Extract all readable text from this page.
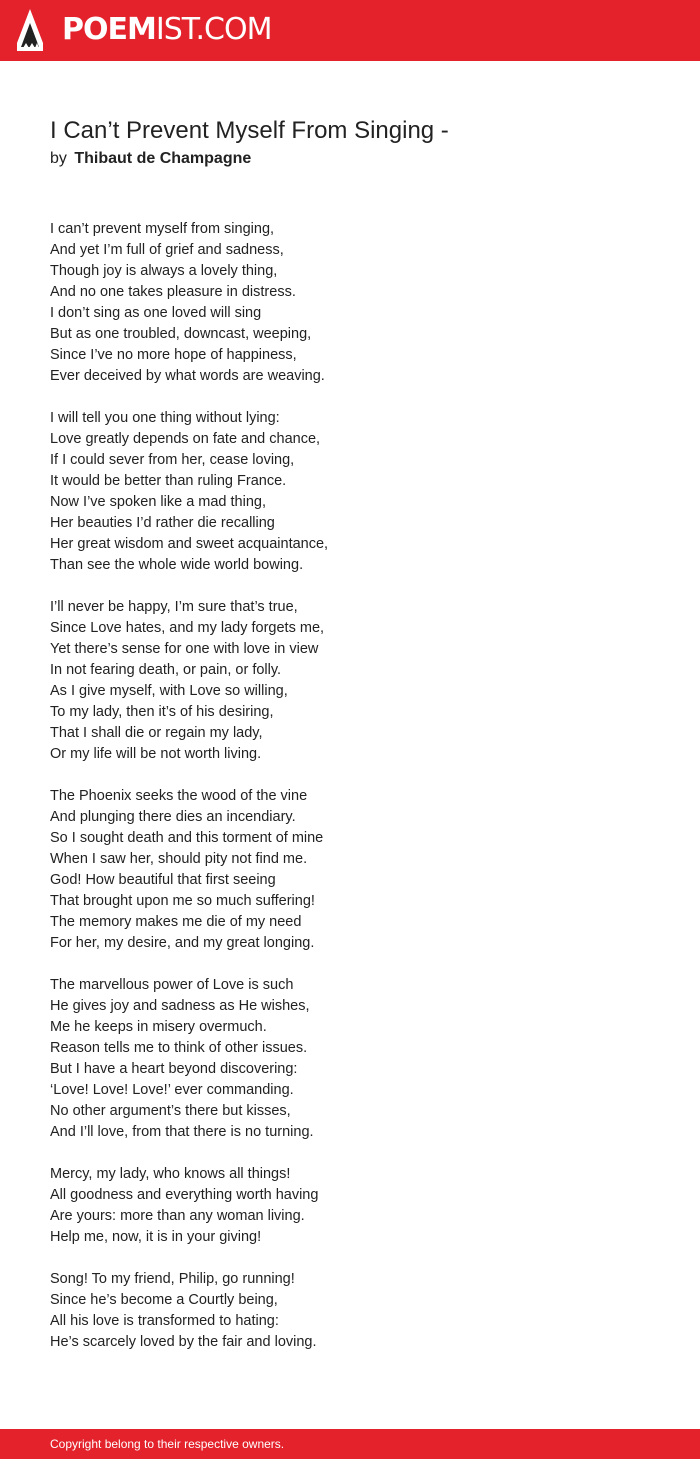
POEMIST.COM
I Can’t Prevent Myself From Singing -
by Thibaut de Champagne
I can’t prevent myself from singing,
And yet I’m full of grief and sadness,
Though joy is always a lovely thing,
And no one takes pleasure in distress.
I don’t sing as one loved will sing
But as one troubled, downcast, weeping,
Since I’ve no more hope of happiness,
Ever deceived by what words are weaving.
I will tell you one thing without lying:
Love greatly depends on fate and chance,
If I could sever from her, cease loving,
It would be better than ruling France.
Now I’ve spoken like a mad thing,
Her beauties I’d rather die recalling
Her great wisdom and sweet acquaintance,
Than see the whole wide world bowing.
I’ll never be happy, I’m sure that’s true,
Since Love hates, and my lady forgets me,
Yet there’s sense for one with love in view
In not fearing death, or pain, or folly.
As I give myself, with Love so willing,
To my lady, then it’s of his desiring,
That I shall die or regain my lady,
Or my life will be not worth living.
The Phoenix seeks the wood of the vine
And plunging there dies an incendiary.
So I sought death and this torment of mine
When I saw her, should pity not find me.
God! How beautiful that first seeing
That brought upon me so much suffering!
The memory makes me die of my need
For her, my desire, and my great longing.
The marvellous power of Love is such
He gives joy and sadness as He wishes,
Me he keeps in misery overmuch.
Reason tells me to think of other issues.
But I have a heart beyond discovering:
‘Love! Love! Love!’ ever commanding.
No other argument’s there but kisses,
And I’ll love, from that there is no turning.
Mercy, my lady, who knows all things!
All goodness and everything worth having
Are yours: more than any woman living.
Help me, now, it is in your giving!
Song! To my friend, Philip, go running!
Since he’s become a Courtly being,
All his love is transformed to hating:
He’s scarcely loved by the fair and loving.
Copyright belong to their respective owners.
